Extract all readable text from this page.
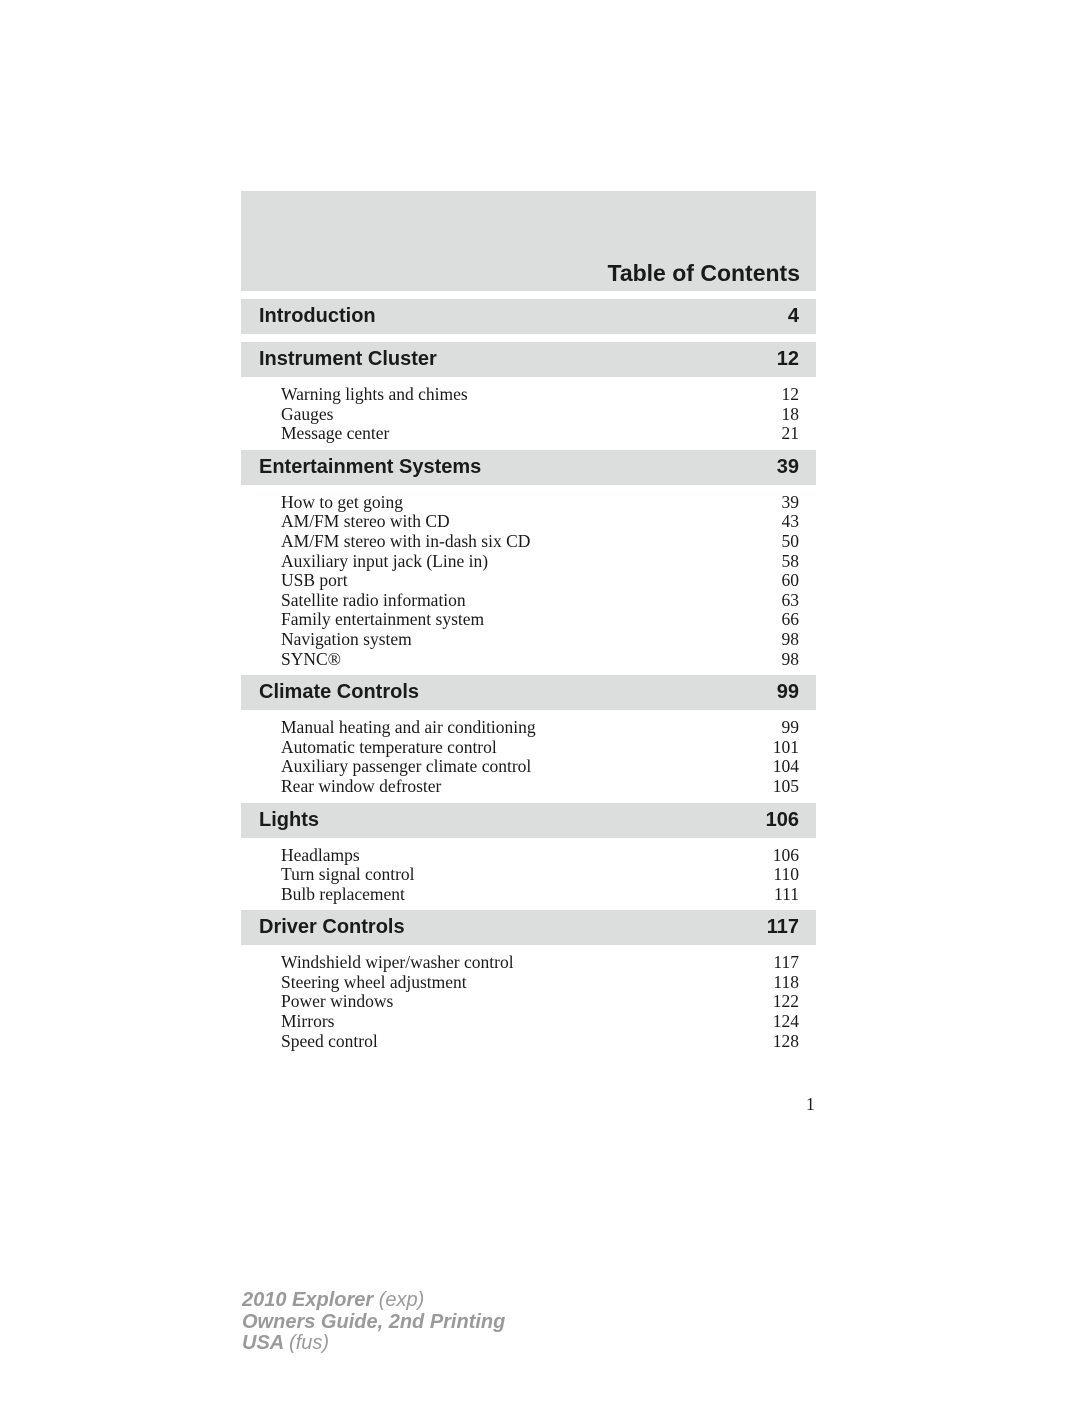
Table of Contents
Introduction	4
Instrument Cluster	12
Warning lights and chimes	12
Gauges	18
Message center	21
Entertainment Systems	39
How to get going	39
AM/FM stereo with CD	43
AM/FM stereo with in-dash six CD	50
Auxiliary input jack (Line in)	58
USB port	60
Satellite radio information	63
Family entertainment system	66
Navigation system	98
SYNC®	98
Climate Controls	99
Manual heating and air conditioning	99
Automatic temperature control	101
Auxiliary passenger climate control	104
Rear window defroster	105
Lights	106
Headlamps	106
Turn signal control	110
Bulb replacement	111
Driver Controls	117
Windshield wiper/washer control	117
Steering wheel adjustment	118
Power windows	122
Mirrors	124
Speed control	128
1
2010 Explorer (exp)
Owners Guide, 2nd Printing
USA (fus)
